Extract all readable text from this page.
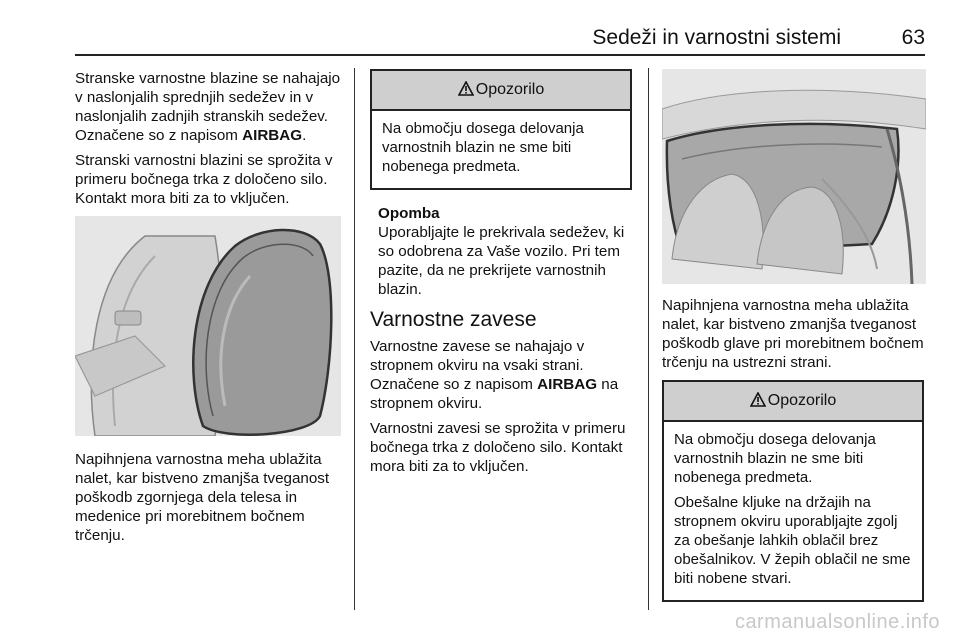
Sedeži in varnostni sistemi	63

Stranske varnostne blazine se nahajajo v naslonjalih sprednjih sedežev in v naslonjalih zadnjih stranskih sedežev. Označene so z napisom AIRBAG.

Stranski varnostni blazini se sprožita v primeru bočnega trka z določeno silo. Kontakt mora biti za to vključen.

Napihnjena varnostna meha ublažita nalet, kar bistveno zmanjša tveganost poškodb zgornjega dela telesa in medenice pri morebitnem bočnem trčenju.

Opozorilo

Na območju dosega delovanja varnostnih blazin ne sme biti nobenega predmeta.

Opomba
Uporabljajte le prekrivala sedežev, ki so odobrena za Vaše vozilo. Pri tem pazite, da ne prekrijete varnostnih blazin.
Varnostne zavese

Varnostne zavese se nahajajo v stropnem okviru na vsaki strani. Označene so z napisom AIRBAG na stropnem okviru.

Varnostni zavesi se sprožita v primeru bočnega trka z določeno silo. Kontakt mora biti za to vključen.

Napihnjena varnostna meha ublažita nalet, kar bistveno zmanjša tveganost poškodb glave pri morebitnem bočnem trčenju na ustrezni strani.

Opozorilo

Na območju dosega delovanja varnostnih blazin ne sme biti nobenega predmeta.

Obešalne kljuke na držajih na stropnem okviru uporabljajte zgolj za obešanje lahkih oblačil brez obešalnikov. V žepih oblačil ne sme biti nobene stvari.

carmanualsonline.info
